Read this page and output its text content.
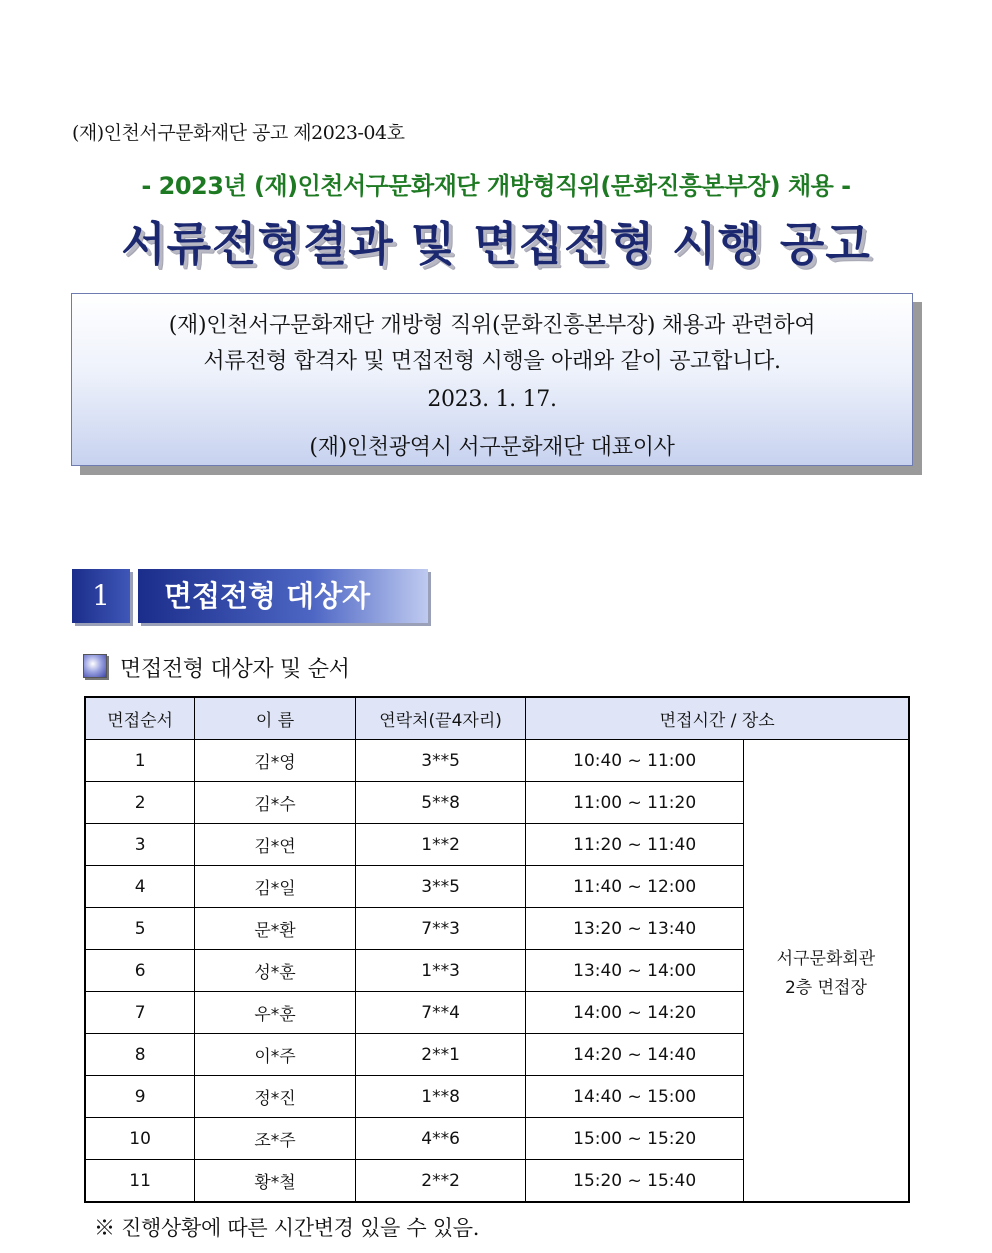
(재)인천서구문화재단 공고 제2023-04호
- 2023년 (재)인천서구문화재단 개방형직위(문화진흥본부장) 채용 -
서류전형결과 및 면접전형 시행 공고
(재)인천서구문화재단 개방형 직위(문화진흥본부장) 채용과 관련하여
서류전형 합격자 및 면접전형 시행을 아래와 같이 공고합니다.
2023. 1. 17.
(재)인천광역시 서구문화재단 대표이사
1	면접전형 대상자
면접전형 대상자 및 순서
면접순서	이 름	연락처(끝4자리)	면접시간 / 장소	
1	김*영	3**5	10:40 ~ 11:00	서구문화회관
2층 면접장

2	김*수	5**8	11:00 ~ 11:20	
3	김*연	1**2	11:20 ~ 11:40	
4	김*일	3**5	11:40 ~ 12:00	
5	문*환	7**3	13:20 ~ 13:40	
6	성*훈	1**3	13:40 ~ 14:00	
7	우*훈	7**4	14:00 ~ 14:20	
8	이*주	2**1	14:20 ~ 14:40	
9	정*진	1**8	14:40 ~ 15:00	
10	조*주	4**6	15:00 ~ 15:20	
11	황*철	2**2	15:20 ~ 15:40	
※ 진행상황에 따른 시간변경 있을 수 있음.
